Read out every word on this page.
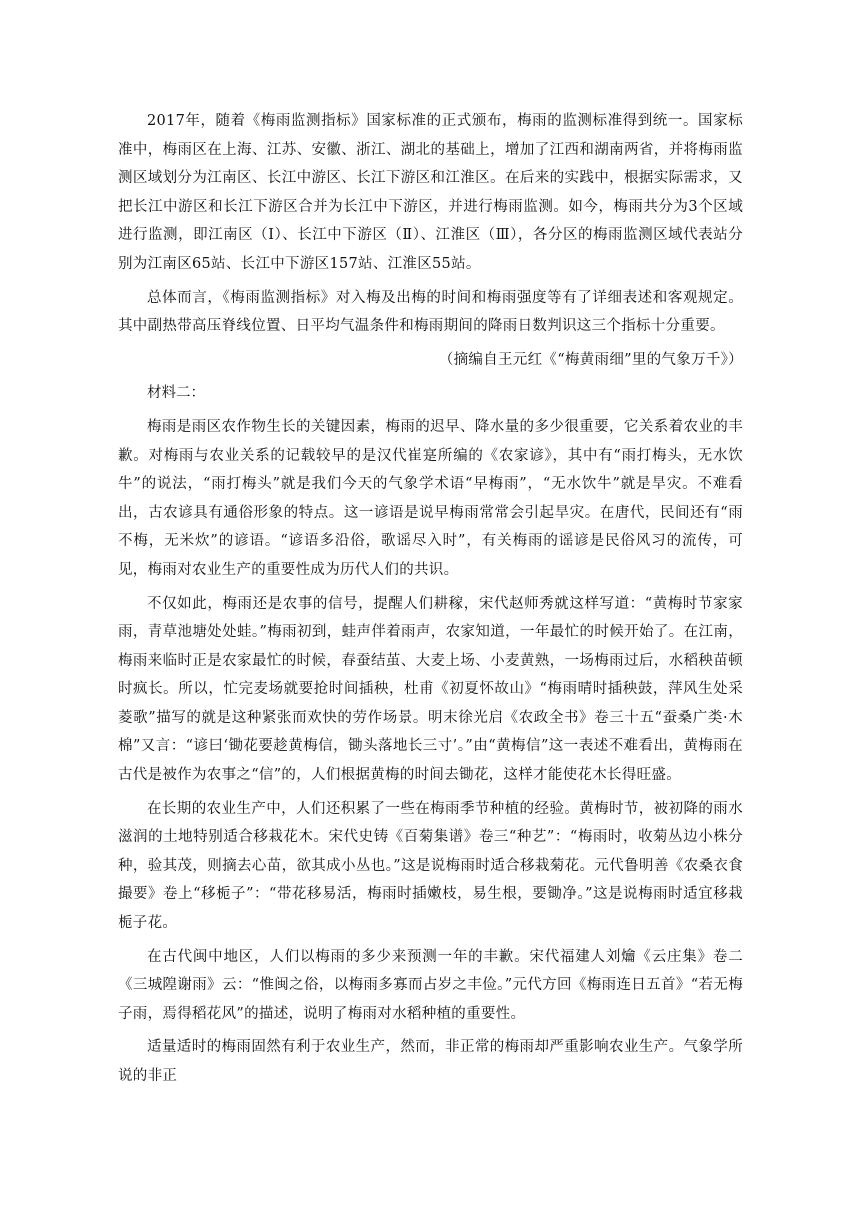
2017年，随着《梅雨监测指标》国家标准的正式颁布，梅雨的监测标准得到统一。国家标准中，梅雨区在上海、江苏、安徽、浙江、湖北的基础上，增加了江西和湖南两省，并将梅雨监测区域划分为江南区、长江中游区、长江下游区和江淮区。在后来的实践中，根据实际需求，又把长江中游区和长江下游区合并为长江中下游区，并进行梅雨监测。如今，梅雨共分为3个区域进行监测，即江南区（Ⅰ）、长江中下游区（Ⅱ）、江淮区（Ⅲ），各分区的梅雨监测区域代表站分别为江南区65站、长江中下游区157站、江淮区55站。

总体而言，《梅雨监测指标》对入梅及出梅的时间和梅雨强度等有了详细表述和客观规定。其中副热带高压脊线位置、日平均气温条件和梅雨期间的降雨日数判识这三个指标十分重要。

（摘编自王元红《“梅黄雨细”里的气象万千》）

材料二：

梅雨是雨区农作物生长的关键因素，梅雨的迟早、降水量的多少很重要，它关系着农业的丰歉。对梅雨与农业关系的记载较早的是汉代崔寔所编的《农家谚》，其中有“雨打梅头，无水饮牛”的说法，“雨打梅头”就是我们今天的气象学术语“早梅雨”，“无水饮牛”就是旱灾。不难看出，古农谚具有通俗形象的特点。这一谚语是说早梅雨常常会引起旱灾。在唐代，民间还有“雨不梅，无米炊”的谚语。“谚语多沿俗，歌谣尽入时”，有关梅雨的谣谚是民俗风习的流传，可见，梅雨对农业生产的重要性成为历代人们的共识。

不仅如此，梅雨还是农事的信号，提醒人们耕稼，宋代赵师秀就这样写道：“黄梅时节家家雨，青草池塘处处蛙。”梅雨初到，蛙声伴着雨声，农家知道，一年最忙的时候开始了。在江南，梅雨来临时正是农家最忙的时候，春蚕结茧、大麦上场、小麦黄熟，一场梅雨过后，水稻秧苗顿时疯长。所以，忙完麦场就要抢时间插秧，杜甫《初夏怀故山》“梅雨晴时插秧鼓，萍风生处采菱歌”描写的就是这种紧张而欢快的劳作场景。明末徐光启《农政全书》卷三十五“蚕桑广类·木棉”又言：“谚曰‘锄花要趁黄梅信，锄头落地长三寸’。”由“黄梅信”这一表述不难看出，黄梅雨在古代是被作为农事之“信”的，人们根据黄梅的时间去锄花，这样才能使花木长得旺盛。

在长期的农业生产中，人们还积累了一些在梅雨季节种植的经验。黄梅时节，被初降的雨水滋润的土地特别适合移栽花木。宋代史铸《百菊集谱》卷三“种艺”：“梅雨时，收菊丛边小株分种，验其茂，则摘去心苗，欲其成小丛也。”这是说梅雨时适合移栽菊花。元代鲁明善《农桑衣食撮要》卷上“移栀子”：“带花移易活，梅雨时插嫩枝，易生根，要锄净。”这是说梅雨时适宜移栽栀子花。

在古代闽中地区，人们以梅雨的多少来预测一年的丰歉。宋代福建人刘爚《云庄集》卷二《三城隍谢雨》云：“惟闽之俗，以梅雨多寡而占岁之丰俭。”元代方回《梅雨连日五首》“若无梅子雨，焉得稻花风”的描述，说明了梅雨对水稻种植的重要性。

适量适时的梅雨固然有利于农业生产，然而，非正常的梅雨却严重影响农业生产。气象学所说的非正
